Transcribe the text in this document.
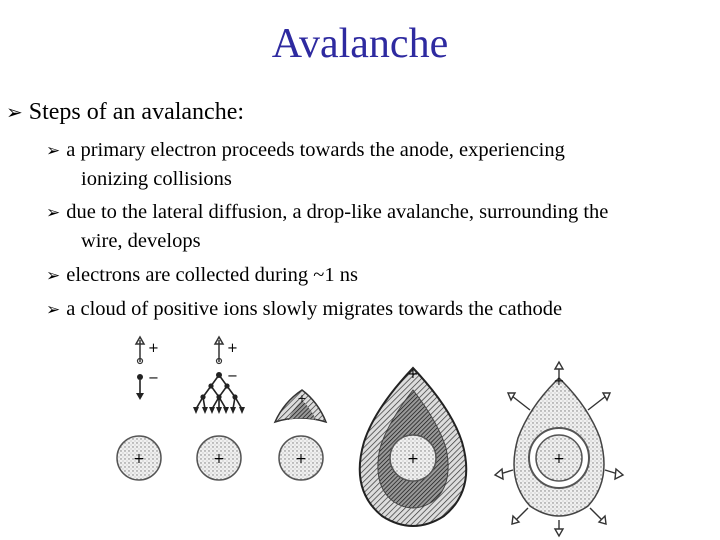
Avalanche
➢ Steps of an avalanche:
➢ a primary electron proceeds towards the anode, experiencing
ionizing collisions
➢ due to the lateral diffusion, a drop-like avalanche, surrounding the
wire, develops
➢ electrons are collected during ~1 ns
➢ a cloud of positive ions slowly migrates towards the cathode
+
−
+
+
−
+
+
+
+
+	+
+
